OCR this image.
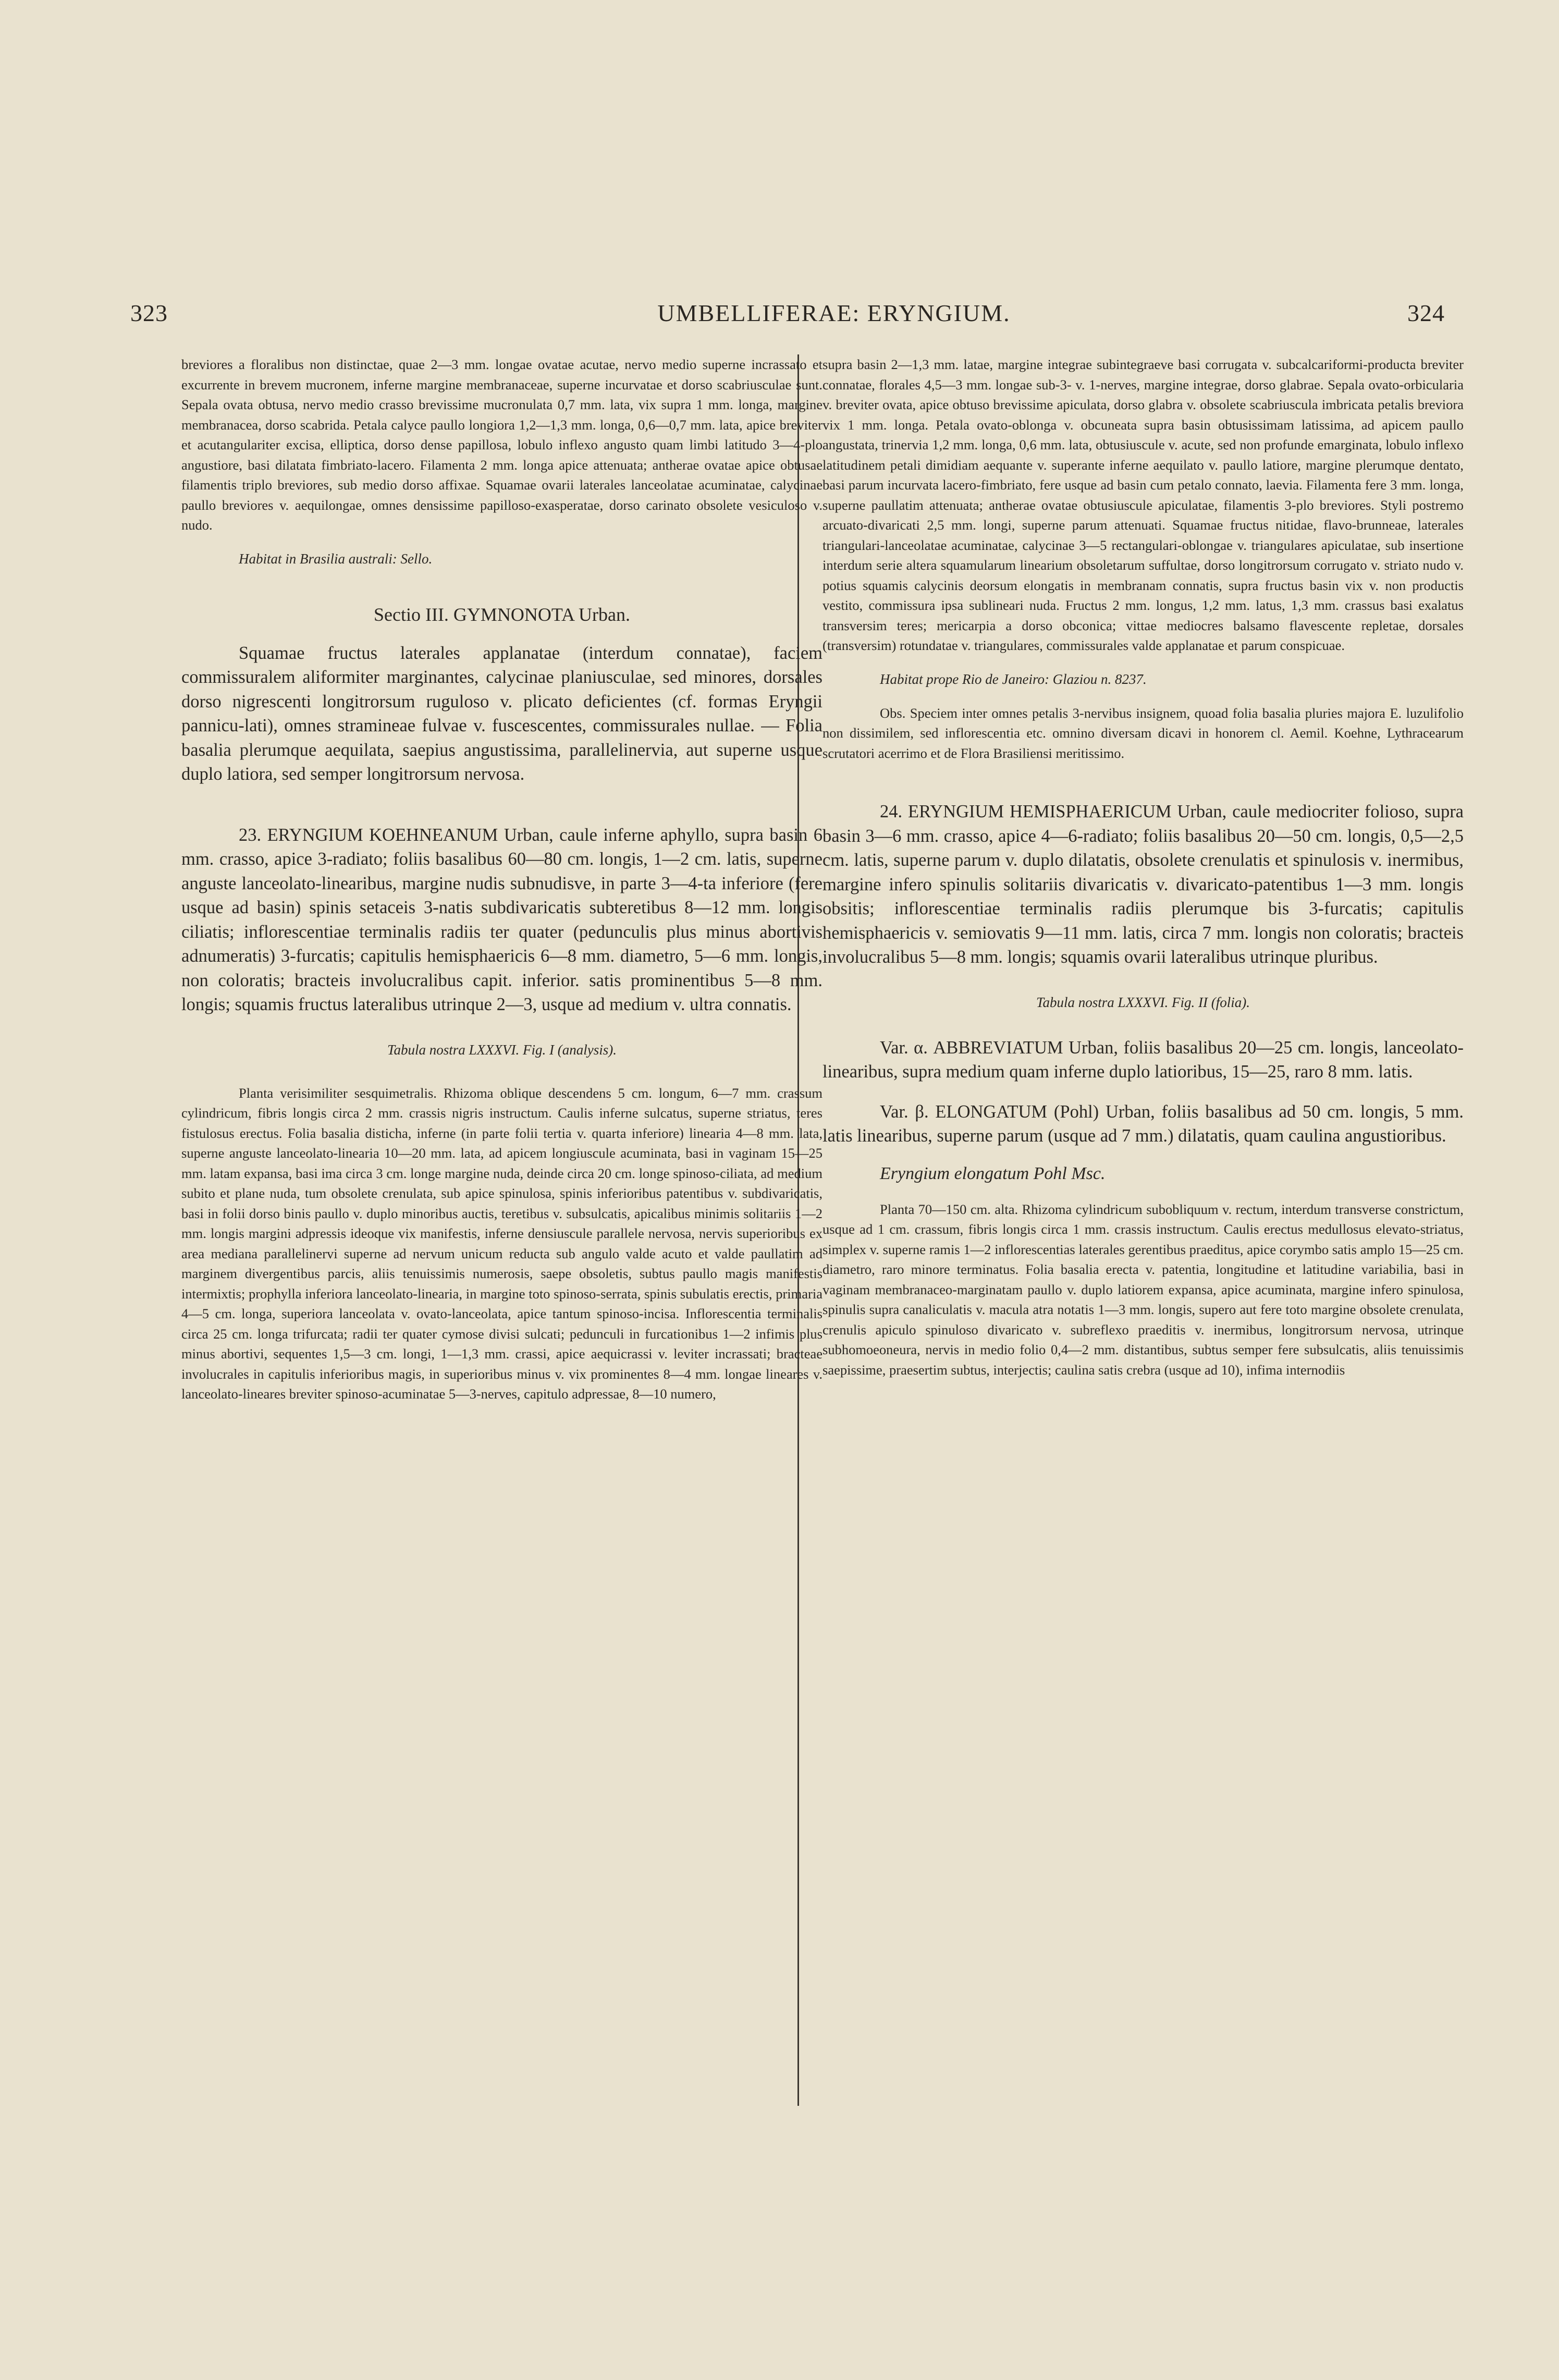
323	UMBELLIFERAE: ERYNGIUM.	324

breviores a floralibus non distinctae, quae 2—3 mm. longae ovatae acutae, nervo medio superne incrassato et excurrente in brevem mucronem, inferne margine membranaceae, superne incurvatae et dorso scabriusculae sunt. Sepala ovata obtusa, nervo medio crasso brevissime mucronulata 0,7 mm. lata, vix supra 1 mm. longa, margine membranacea, dorso scabrida. Petala calyce paullo longiora 1,2—1,3 mm. longa, 0,6—0,7 mm. lata, apice breviter et acutangulariter excisa, elliptica, dorso dense papillosa, lobulo inflexo angusto quam limbi latitudo 3—4-plo angustiore, basi dilatata fimbriato-lacero. Filamenta 2 mm. longa apice attenuata; antherae ovatae apice obtusae filamentis triplo breviores, sub medio dorso affixae. Squamae ovarii laterales lanceolatae acuminatae, calycinae paullo breviores v. aequilongae, omnes densissime papilloso-exasperatae, dorso carinato obsolete vesiculoso v. nudo.

Habitat in Brasilia australi: Sello.

Sectio III. GYMNONOTA Urban.

Squamae fructus laterales applanatae (interdum connatae), faciem commissuralem aliformiter marginantes, calycinae planiusculae, sed minores, dorsales dorso nigrescenti longitrorsum ruguloso v. plicato deficientes (cf. formas Eryngii pannicu-lati), omnes stramineae fulvae v. fuscescentes, commissurales nullae. — Folia basalia plerumque aequilata, saepius angustissima, parallelinervia, aut superne usque duplo latiora, sed semper longitrorsum nervosa.

23. ERYNGIUM KOEHNEANUM Urban, caule inferne aphyllo, supra basin 6 mm. crasso, apice 3-radiato; foliis basalibus 60—80 cm. longis, 1—2 cm. latis, superne anguste lanceolato-linearibus, margine nudis subnudisve, in parte 3—4-ta inferiore (fere usque ad basin) spinis setaceis 3-natis subdivaricatis subteretibus 8—12 mm. longis ciliatis; inflorescentiae terminalis radiis ter quater (pedunculis plus minus abortivis adnumeratis) 3-furcatis; capitulis hemisphaericis 6—8 mm. diametro, 5—6 mm. longis, non coloratis; bracteis involucralibus capit. inferior. satis prominentibus 5—8 mm. longis; squamis fructus lateralibus utrinque 2—3, usque ad medium v. ultra connatis.

Tabula nostra LXXXVI. Fig. I (analysis).

Planta verisimiliter sesquimetralis. Rhizoma oblique descendens 5 cm. longum, 6—7 mm. crassum cylindricum, fibris longis circa 2 mm. crassis nigris instructum. Caulis inferne sulcatus, superne striatus, teres fistulosus erectus. Folia basalia disticha, inferne (in parte folii tertia v. quarta inferiore) linearia 4—8 mm. lata, superne anguste lanceolato-linearia 10—20 mm. lata, ad apicem longiuscule acuminata, basi in vaginam 15—25 mm. latam expansa, basi ima circa 3 cm. longe margine nuda, deinde circa 20 cm. longe spinoso-ciliata, ad medium subito et plane nuda, tum obsolete crenulata, sub apice spinulosa, spinis inferioribus patentibus v. subdivaricatis, basi in folii dorso binis paullo v. duplo minoribus auctis, teretibus v. subsulcatis, apicalibus minimis solitariis 1—2 mm. longis margini adpressis ideoque vix manifestis, inferne densiuscule parallele nervosa, nervis superioribus ex area mediana parallelinervi superne ad nervum unicum reducta sub angulo valde acuto et valde paullatim ad marginem divergentibus parcis, aliis tenuissimis numerosis, saepe obsoletis, subtus paullo magis manifestis intermixtis; prophylla inferiora lanceolato-linearia, in margine toto spinoso-serrata, spinis subulatis erectis, primaria 4—5 cm. longa, superiora lanceolata v. ovato-lanceolata, apice tantum spinoso-incisa. Inflorescentia terminalis circa 25 cm. longa trifurcata; radii ter quater cymose divisi sulcati; pedunculi in furcationibus 1—2 infimis plus minus abortivi, sequentes 1,5—3 cm. longi, 1—1,3 mm. crassi, apice aequicrassi v. leviter incrassati; bracteae involucrales in capitulis inferioribus magis, in superioribus minus v. vix prominentes 8—4 mm. longae lineares v. lanceolato-lineares breviter spinoso-acuminatae 5—3-nerves, capitulo adpressae, 8—10 numero,

supra basin 2—1,3 mm. latae, margine integrae subintegraeve basi corrugata v. subcalcariformi-producta breviter connatae, florales 4,5—3 mm. longae sub-3- v. 1-nerves, margine integrae, dorso glabrae. Sepala ovato-orbicularia v. breviter ovata, apice obtuso brevissime apiculata, dorso glabra v. obsolete scabriuscula imbricata petalis breviora vix 1 mm. longa. Petala ovato-oblonga v. obcuneata supra basin obtusissimam latissima, ad apicem paullo angustata, trinervia 1,2 mm. longa, 0,6 mm. lata, obtusiuscule v. acute, sed non profunde emarginata, lobulo inflexo latitudinem petali dimidiam aequante v. superante inferne aequilato v. paullo latiore, margine plerumque dentato, basi parum incurvata lacero-fimbriato, fere usque ad basin cum petalo connato, laevia. Filamenta fere 3 mm. longa, superne paullatim attenuata; antherae ovatae obtusiuscule apiculatae, filamentis 3-plo breviores. Styli postremo arcuato-divaricati 2,5 mm. longi, superne parum attenuati. Squamae fructus nitidae, flavo-brunneae, laterales triangulari-lanceolatae acuminatae, calycinae 3—5 rectangulari-oblongae v. triangulares apiculatae, sub insertione interdum serie altera squamularum linearium obsoletarum suffultae, dorso longitrorsum corrugato v. striato nudo v. potius squamis calycinis deorsum elongatis in membranam connatis, supra fructus basin vix v. non productis vestito, commissura ipsa sublineari nuda. Fructus 2 mm. longus, 1,2 mm. latus, 1,3 mm. crassus basi exalatus transversim teres; mericarpia a dorso obconica; vittae mediocres balsamo flavescente repletae, dorsales (transversim) rotundatae v. triangulares, commissurales valde applanatae et parum conspicuae.

Habitat prope Rio de Janeiro: Glaziou n. 8237.

Obs. Speciem inter omnes petalis 3-nervibus insignem, quoad folia basalia pluries majora E. luzulifolio non dissimilem, sed inflorescentia etc. omnino diversam dicavi in honorem cl. Aemil. Koehne, Lythracearum scrutatori acerrimo et de Flora Brasiliensi meritissimo.

24. ERYNGIUM HEMISPHAERICUM Urban, caule mediocriter folioso, supra basin 3—6 mm. crasso, apice 4—6-radiato; foliis basalibus 20—50 cm. longis, 0,5—2,5 cm. latis, superne parum v. duplo dilatatis, obsolete crenulatis et spinulosis v. inermibus, margine infero spinulis solitariis divaricatis v. divaricato-patentibus 1—3 mm. longis obsitis; inflorescentiae terminalis radiis plerumque bis 3-furcatis; capitulis hemisphaericis v. semiovatis 9—11 mm. latis, circa 7 mm. longis non coloratis; bracteis involucralibus 5—8 mm. longis; squamis ovarii lateralibus utrinque pluribus.

Tabula nostra LXXXVI. Fig. II (folia).

Var. α. ABBREVIATUM Urban, foliis basalibus 20—25 cm. longis, lanceolato-linearibus, supra medium quam inferne duplo latioribus, 15—25, raro 8 mm. latis.

Var. β. ELONGATUM (Pohl) Urban, foliis basalibus ad 50 cm. longis, 5 mm. latis linearibus, superne parum (usque ad 7 mm.) dilatatis, quam caulina angustioribus.

Eryngium elongatum Pohl Msc.

Planta 70—150 cm. alta. Rhizoma cylindricum subobliquum v. rectum, interdum transverse constrictum, usque ad 1 cm. crassum, fibris longis circa 1 mm. crassis instructum. Caulis erectus medullosus elevato-striatus, simplex v. superne ramis 1—2 inflorescentias laterales gerentibus praeditus, apice corymbo satis amplo 15—25 cm. diametro, raro minore terminatus. Folia basalia erecta v. patentia, longitudine et latitudine variabilia, basi in vaginam membranaceo-marginatam paullo v. duplo latiorem expansa, apice acuminata, margine infero spinulosa, spinulis supra canaliculatis v. macula atra notatis 1—3 mm. longis, supero aut fere toto margine obsolete crenulata, crenulis apiculo spinuloso divaricato v. subreflexo praeditis v. inermibus, longitrorsum nervosa, utrinque subhomoeoneura, nervis in medio folio 0,4—2 mm. distantibus, subtus semper fere subsulcatis, aliis tenuissimis saepissime, praesertim subtus, interjectis; caulina satis crebra (usque ad 10), infima internodiis
